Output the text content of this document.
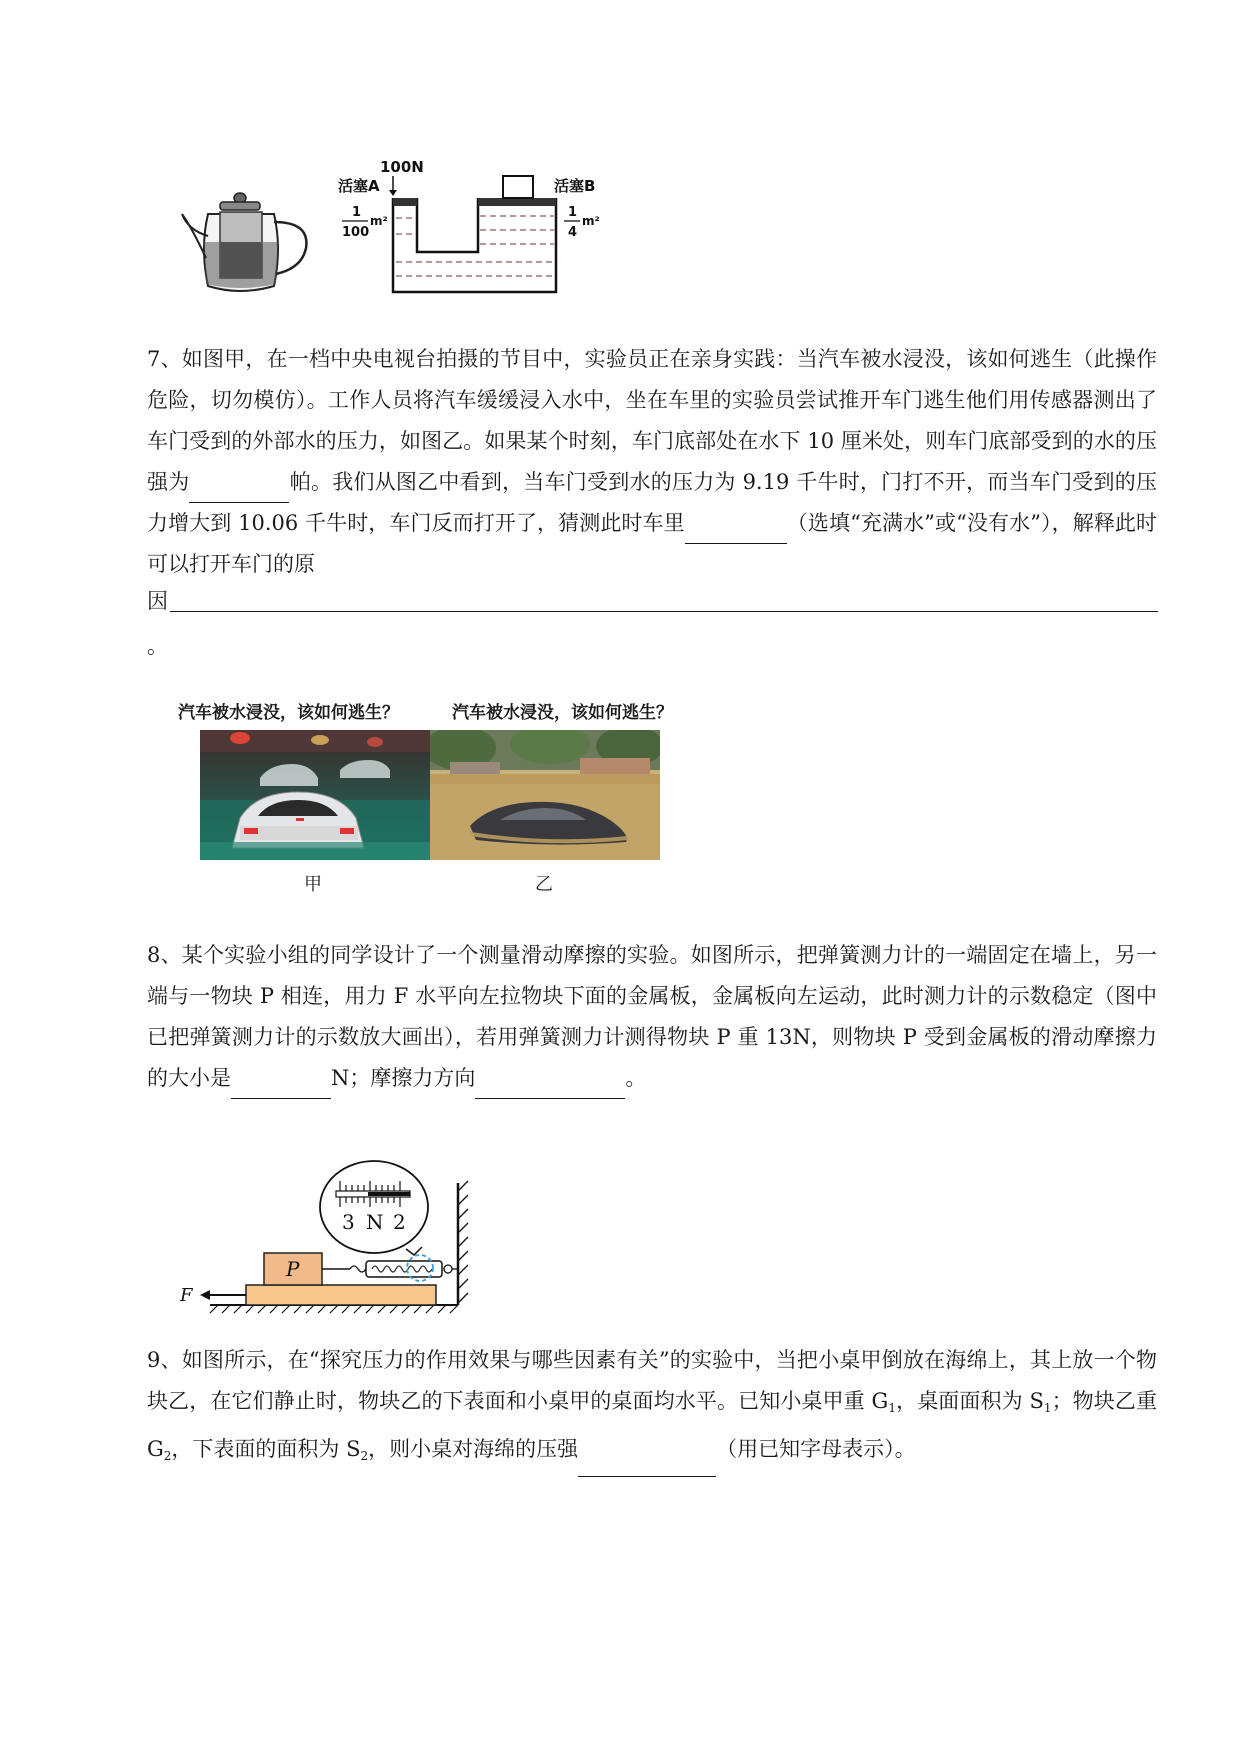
活塞A
100N
1
100
m²
活塞B
1
4
m²
7、如图甲，在一档中央电视台拍摄的节目中，实验员正在亲身实践：当汽车被水浸没，该如何逃生（此操作危险，切勿模仿）。工作人员将汽车缓缓浸入水中，坐在车里的实验员尝试推开车门逃生他们用传感器测出了车门受到的外部水的压力，如图乙。如果某个时刻，车门底部处在水下 10 厘米处，则车门底部受到的水的压强为	帕。我们从图乙中看到，当车门受到水的压力为 9.19 千牛时，门打不开，而当车门受到的压力增大到 10.06 千牛时，车门反而打开了，猜测此时车里	（选填“充满水”或“没有水”），解释此时可以打开车门的原
因
。
汽车被水浸没，该如何逃生？	汽车被水浸没，该如何逃生？
甲	乙
8、某个实验小组的同学设计了一个测量滑动摩擦的实验。如图所示，把弹簧测力计的一端固定在墙上，另一端与一物块 P 相连，用力 F 水平向左拉物块下面的金属板，金属板向左运动，此时测力计的示数稳定（图中已把弹簧测力计的示数放大画出），若用弹簧测力计测得物块 P 重 13N，则物块 P 受到金属板的滑动摩擦力的大小是	N；摩擦力方向	。
P
F
3 N 2
9、如图所示，在“探究压力的作用效果与哪些因素有关”的实验中，当把小桌甲倒放在海绵上，其上放一个物块乙，在它们静止时，物块乙的下表面和小桌甲的桌面均水平。已知小桌甲重 $G_1$，桌面面积为 $S_1$；物块乙重 $G_2$，下表面的面积为 $S_2$，则小桌对海绵的压强	（用已知字母表示）。
